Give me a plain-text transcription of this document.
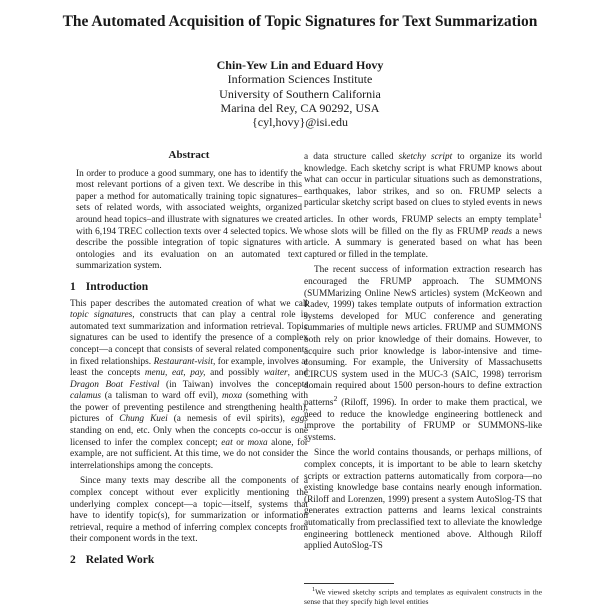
The Automated Acquisition of Topic Signatures for Text Summarization
Chin-Yew Lin and Eduard Hovy
Information Sciences Institute
University of Southern California
Marina del Rey, CA 90292, USA
{cyl,hovy}@isi.edu
Abstract

In order to produce a good summary, one has to identify the most relevant portions of a given text. We describe in this paper a method for automatically training topic signatures–sets of related words, with associated weights, organized around head topics–and illustrate with signatures we created with 6,194 TREC collection texts over 4 selected topics. We describe the possible integration of topic signatures with ontologies and its evaluation on an automated text summarization system.

1 Introduction

This paper describes the automated creation of what we call topic signatures, constructs that can play a central role in automated text summarization and information retrieval. Topic signatures can be used to identify the presence of a complex concept—a concept that consists of several related components in fixed relationships. Restaurant-visit, for example, involves at least the concepts menu, eat, pay, and possibly waiter, and Dragon Boat Festival (in Taiwan) involves the concepts calamus (a talisman to ward off evil), moxa (something with the power of preventing pestilence and strengthening health), pictures of Chung Kuei (a nemesis of evil spirits), eggs standing on end, etc. Only when the concepts co-occur is one licensed to infer the complex concept; eat or moxa alone, for example, are not sufficient. At this time, we do not consider the interrelationships among the concepts.

Since many texts may describe all the components of a complex concept without ever explicitly mentioning the underlying complex concept—a topic—itself, systems that have to identify topic(s), for summarization or information retrieval, require a method of inferring complex concepts from their component words in the text.

2 Related Work

a data structure called sketchy script to organize its world knowledge. Each sketchy script is what FRUMP knows about what can occur in particular situations such as demonstrations, earthquakes, labor strikes, and so on. FRUMP selects a particular sketchy script based on clues to styled events in news articles. In other words, FRUMP selects an empty template$^1$ whose slots will be filled on the fly as FRUMP reads a news article. A summary is generated based on what has been captured or filled in the template.

The recent success of information extraction research has encouraged the FRUMP approach. The SUMMONS (SUMMarizing Online NewS articles) system (McKeown and Radev, 1999) takes template outputs of information extraction systems developed for MUC conference and generating summaries of multiple news articles. FRUMP and SUMMONS both rely on prior knowledge of their domains. However, to acquire such prior knowledge is labor-intensive and time-consuming. For example, the University of Massachusetts CIRCUS system used in the MUC-3 (SAIC, 1998) terrorism domain required about 1500 person-hours to define extraction patterns$^2$ (Riloff, 1996). In order to make them practical, we need to reduce the knowledge engineering bottleneck and improve the portability of FRUMP or SUMMONS-like systems.

Since the world contains thousands, or perhaps millions, of complex concepts, it is important to be able to learn sketchy scripts or extraction patterns automatically from corpora—no existing knowledge base contains nearly enough information. (Riloff and Lorenzen, 1999) present a system AutoSlog-TS that generates extraction patterns and learns lexical constraints automatically from preclassified text to alleviate the knowledge engineering bottleneck mentioned above. Although Riloff applied AutoSlog-TS

$^1$We viewed sketchy scripts and templates as equivalent constructs in the sense that they specify high level entities
